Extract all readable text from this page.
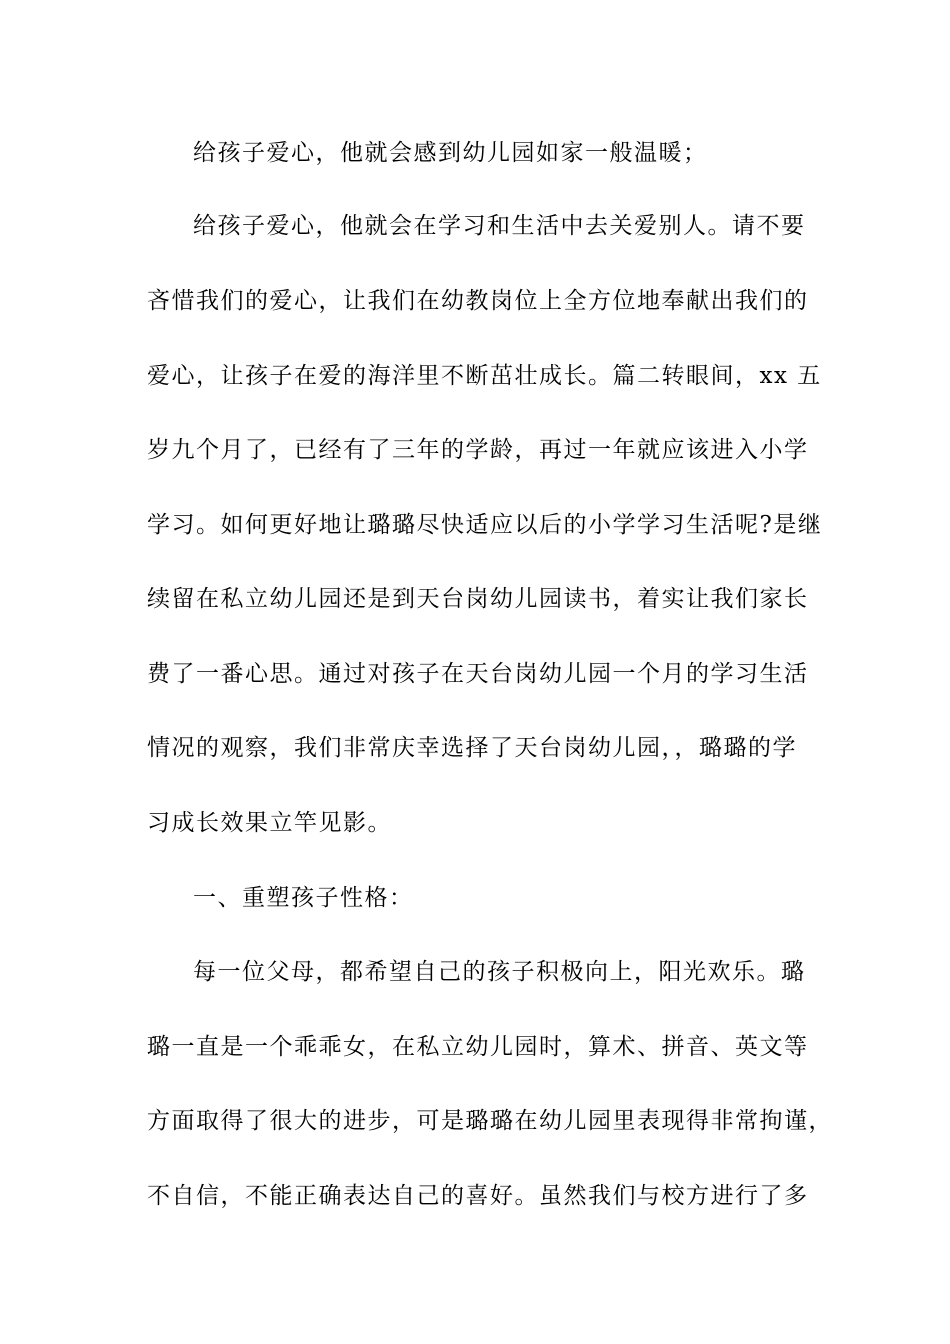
给孩子爱心，他就会感到幼儿园如家一般温暖；

给孩子爱心，他就会在学习和生活中去关爱别人。请不要

吝惜我们的爱心，让我们在幼教岗位上全方位地奉献出我们的

爱心，让孩子在爱的海洋里不断茁壮成长。篇二转眼间，xx 五

岁九个月了，已经有了三年的学龄，再过一年就应该进入小学

学习。如何更好地让璐璐尽快适应以后的小学学习生活呢?是继

续留在私立幼儿园还是到天台岗幼儿园读书，着实让我们家长

费了一番心思。通过对孩子在天台岗幼儿园一个月的学习生活

情况的观察，我们非常庆幸选择了天台岗幼儿园，，璐璐的学

习成长效果立竿见影。

一、重塑孩子性格：

每一位父母，都希望自己的孩子积极向上，阳光欢乐。璐

璐一直是一个乖乖女，在私立幼儿园时，算术、拼音、英文等

方面取得了很大的进步，可是璐璐在幼儿园里表现得非常拘谨，

不自信，不能正确表达自己的喜好。虽然我们与校方进行了多
